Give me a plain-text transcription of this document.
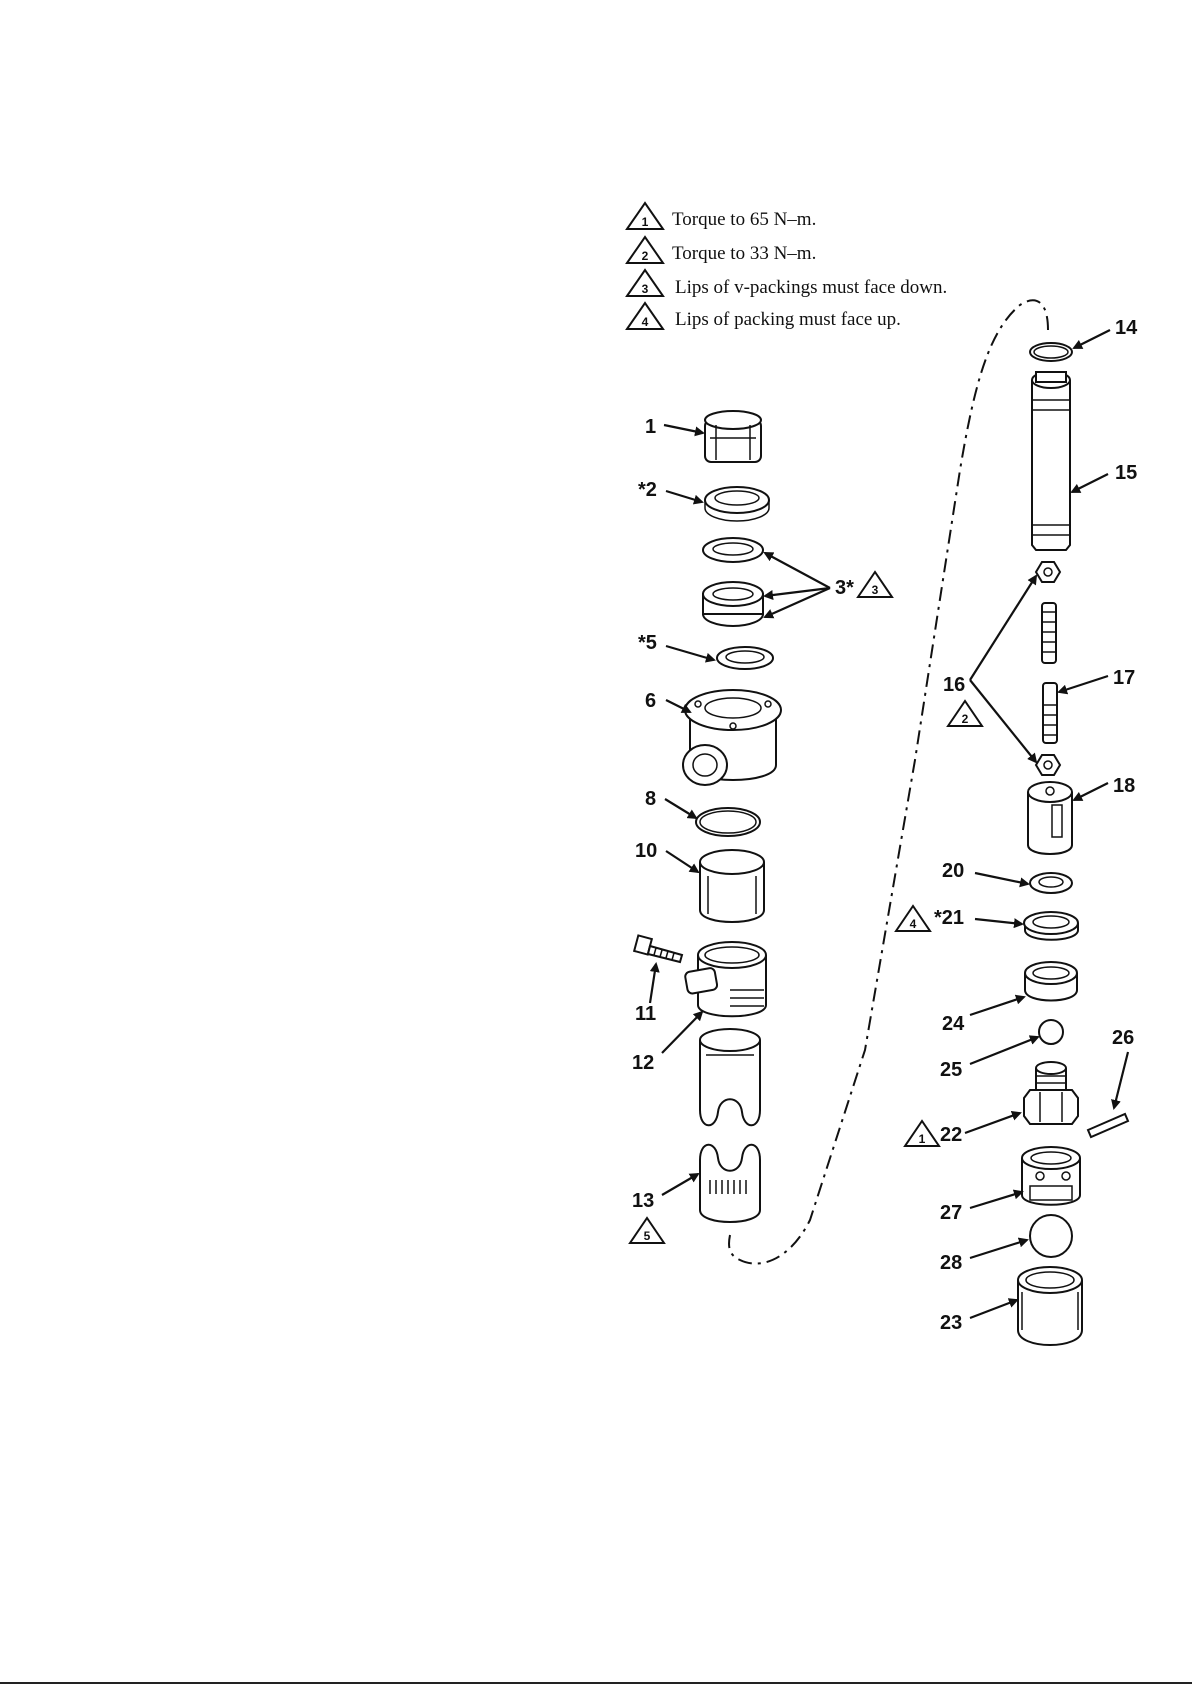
1 Torque to 65 N–m.
2 Torque to 33 N–m.
3 Lips of v-packings must face down.
4 Lips of packing must face up.
1
*2
3* 3
*5
6
8
10
11
12
13
5
14
15
16
2
17
18
20
*21
4
24
25
22
1
26
27
28
23
